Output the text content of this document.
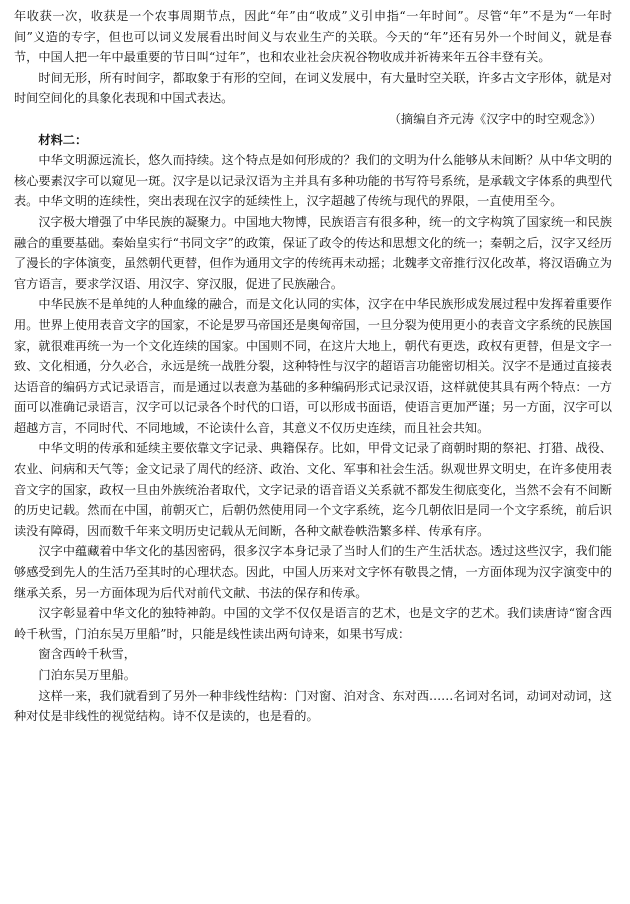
年收获一次，收获是一个农事周期节点，因此“年”由“收成”义引申指“一年时间”。尽管“年”不是为“一年时间”义造的专字，但也可以词义发展看出时间义与农业生产的关联。今天的“年”还有另外一个时间义，就是春节，中国人把一年中最重要的节日叫“过年”，也和农业社会庆祝谷物收成并祈祷来年五谷丰登有关。

时间无形，所有时间字，都取象于有形的空间，在词义发展中，有大量时空关联，许多古文字形体，就是对时间空间化的具象化表现和中国式表达。

（摘编自齐元涛《汉字中的时空观念》）

材料二：

中华文明源远流长，悠久而持续。这个特点是如何形成的？我们的文明为什么能够从未间断？从中华文明的核心要素汉字可以窥见一斑。汉字是以记录汉语为主并具有多种功能的书写符号系统，是承载文字体系的典型代表。中华文明的连续性，突出表现在汉字的延续性上，汉字超越了传统与现代的界限，一直使用至今。

汉字极大增强了中华民族的凝聚力。中国地大物博，民族语言有很多种，统一的文字构筑了国家统一和民族融合的重要基础。秦始皇实行“书同文字”的政策，保证了政令的传达和思想文化的统一；秦朝之后，汉字又经历了漫长的字体演变，虽然朝代更替，但作为通用文字的传统再未动摇；北魏孝文帝推行汉化改革，将汉语确立为官方语言，要求学汉语、用汉字、穿汉服，促进了民族融合。

中华民族不是单纯的人种血缘的融合，而是文化认同的实体，汉字在中华民族形成发展过程中发挥着重要作用。世界上使用表音文字的国家，不论是罗马帝国还是奥匈帝国，一旦分裂为使用更小的表音文字系统的民族国家，就很难再统一为一个文化连续的国家。中国则不同，在这片大地上，朝代有更迭，政权有更替，但是文字一致、文化相通，分久必合，永远是统一战胜分裂，这种特性与汉字的超语言功能密切相关。汉字不是通过直接表达语音的编码方式记录语言，而是通过以表意为基础的多种编码形式记录汉语，这样就使其具有两个特点：一方面可以准确记录语言，汉字可以记录各个时代的口语，可以形成书面语，使语言更加严谨；另一方面，汉字可以超越方言，不同时代、不同地域，不论读什么音，其意义不仅历史连续，而且社会共知。

中华文明的传承和延续主要依靠文字记录、典籍保存。比如，甲骨文记录了商朝时期的祭祀、打猎、战役、农业、问病和天气等；金文记录了周代的经济、政治、文化、军事和社会生活。纵观世界文明史，在许多使用表音文字的国家，政权一旦由外族统治者取代，文字记录的语音语义关系就不都发生彻底变化，当然不会有不间断的历史记载。然而在中国，前朝灭亡，后朝仍然使用同一个文字系统，迄今几朝依旧是同一个文字系统，前后识读没有障碍，因而数千年来文明历史记载从无间断，各种文献卷帙浩繁多样、传承有序。

汉字中蕴藏着中华文化的基因密码，很多汉字本身记录了当时人们的生产生活状态。透过这些汉字，我们能够感受到先人的生活乃至其时的心理状态。因此，中国人历来对文字怀有敬畏之情，一方面体现为汉字演变中的继承关系，另一方面体现为后代对前代文献、书法的保存和传承。

汉字彰显着中华文化的独特神韵。中国的文学不仅仅是语言的艺术，也是文字的艺术。我们读唐诗“窗含西岭千秋雪，门泊东吴万里船”时，只能是线性读出两句诗来，如果书写成：

窗含西岭千秋雪，

门泊东吴万里船。

这样一来，我们就看到了另外一种非线性结构：门对窗、泊对含、东对西……名词对名词，动词对动词，这种对仗是非线性的视觉结构。诗不仅是读的，也是看的。
